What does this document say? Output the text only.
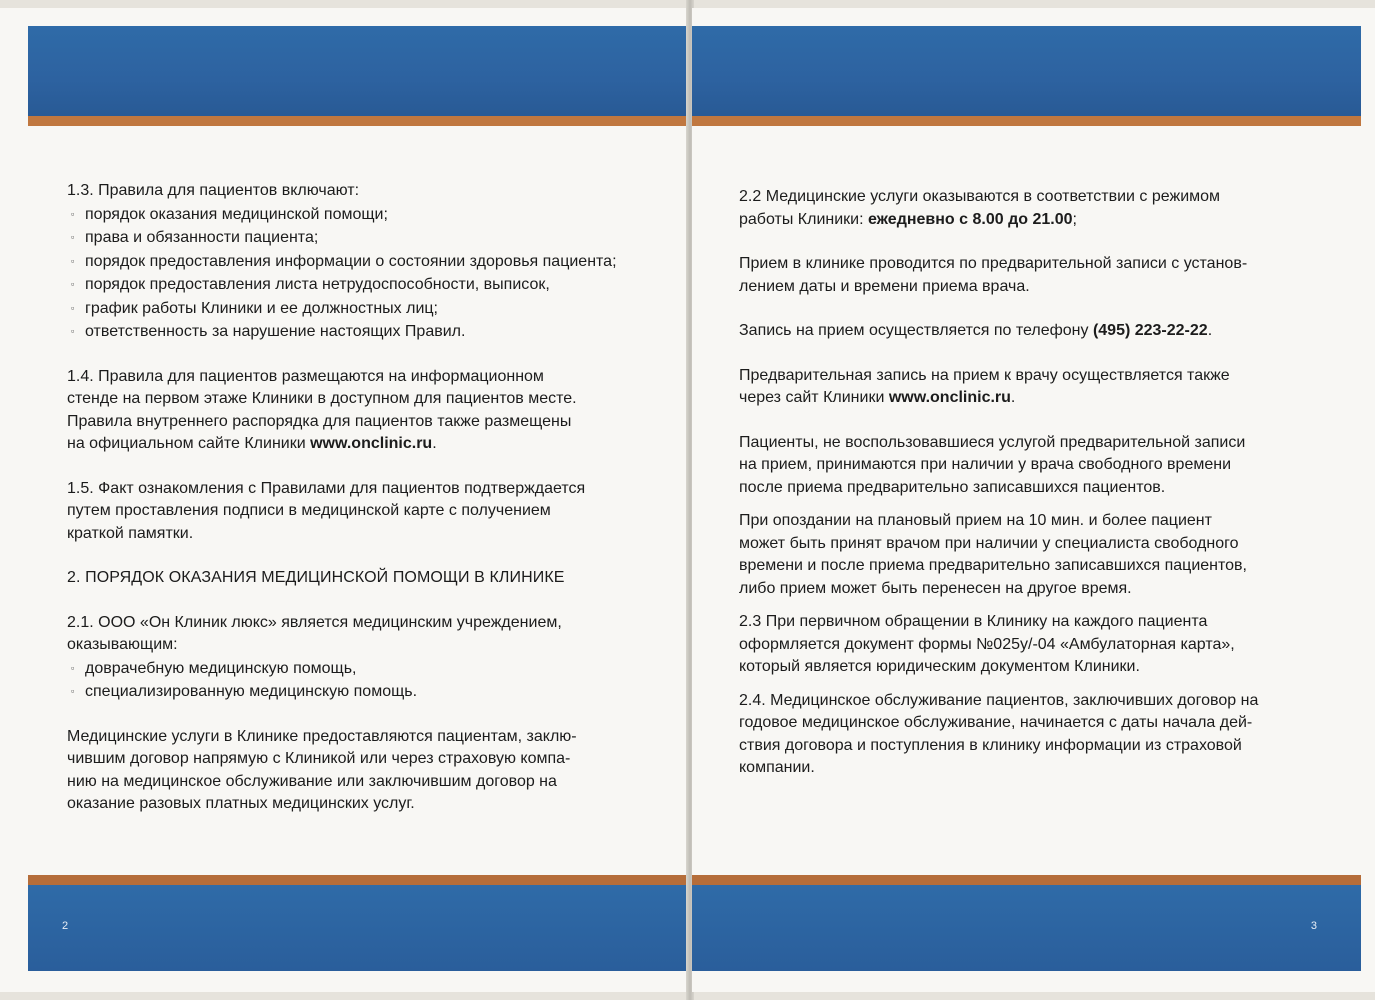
1.3. Правила для пациентов включают:

▫ порядок оказания медицинской помощи;
▫ права и обязанности пациента;
▫ порядок предоставления информации о состоянии здоровья пациента;
▫ порядок предоставления листа нетрудоспособности, выписок,
▫ график работы Клиники и ее должностных лиц;
▫ ответственность за нарушение настоящих Правил.

1.4. Правила для пациентов размещаются на информационном

стенде на первом этаже Клиники в доступном для пациентов месте.

Правила внутреннего распорядка для пациентов также размещены

на официальном сайте Клиники www.onclinic.ru.

1.5. Факт ознакомления с Правилами для пациентов подтверждается

путем проставления подписи в медицинской карте с получением

краткой памятки.

2. ПОРЯДОК ОКАЗАНИЯ МЕДИЦИНСКОЙ ПОМОЩИ В КЛИНИКЕ

2.1. ООО «Он Клиник люкс» является медицинским учреждением,

оказывающим:

▫ доврачебную медицинскую помощь,
▫ специализированную медицинскую помощь.

Медицинские услуги в Клинике предоставляются пациентам, заклю-

чившим договор напрямую с Клиникой или через страховую компа-

нию на медицинское обслуживание или заключившим договор на

оказание разовых платных медицинских услуг.

2

2.2 Медицинские услуги оказываются в соответствии с режимом

работы Клиники: ежедневно с 8.00 до 21.00;

Прием в клинике проводится по предварительной записи с установ-

лением даты и времени приема врача.

Запись на прием осуществляется по телефону (495) 223-22-22.

Предварительная запись на прием к врачу осуществляется также

через сайт Клиники www.onclinic.ru.

Пациенты, не воспользовавшиеся услугой предварительной записи

на прием, принимаются при наличии у врача свободного времени

после приема предварительно записавшихся пациентов.

При опоздании на плановый прием на 10 мин. и более пациент

может быть принят врачом при наличии у специалиста свободного

времени и после приема предварительно записавшихся пациентов,

либо прием может быть перенесен на другое время.

2.3 При первичном обращении в Клинику на каждого пациента

оформляется документ формы №025у/-04 «Амбулаторная карта»,

который является юридическим документом Клиники.

2.4. Медицинское обслуживание пациентов, заключивших договор на

годовое медицинское обслуживание, начинается с даты начала дей-

ствия договора и поступления в клинику информации из страховой

компании.

3
